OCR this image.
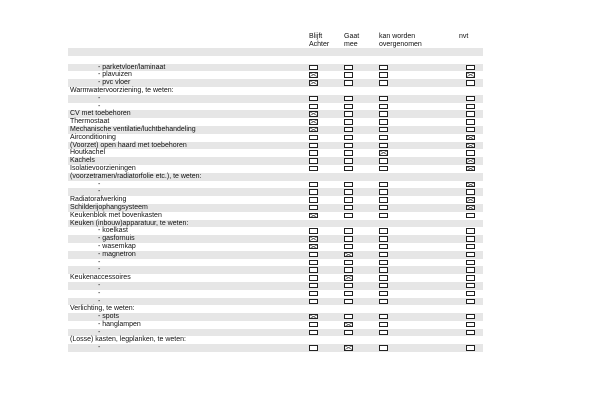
Blijft
Achter
Gaat
mee
kan worden
overgenomen
nvt
- parketvloer/laminaat
- plavuizen
- pvc vloer
Warmwatervoorziening, te weten:
-
-
CV met toebehoren
Thermostaat
Mechanische ventilatie/luchtbehandeling
Airconditioning
(Voorzet) open haard met toebehoren
Houtkachel
Kachels
Isolatievoorzieningen
(voorzetramen/radiatorfolie etc.), te weten:
-
-
Radiatorafwerking
Schilderijophangsysteem
Keukenblok met bovenkasten
Keuken (inbouw)apparatuur, te weten:
- koelkast
- gasfornuis
- wasemkap
- magnetron
-
-
Keukenaccessoires
-
-
-
Verlichting, te weten:
- spots
- hanglampen
-
(Losse) kasten, legplanken, te weten:
-
